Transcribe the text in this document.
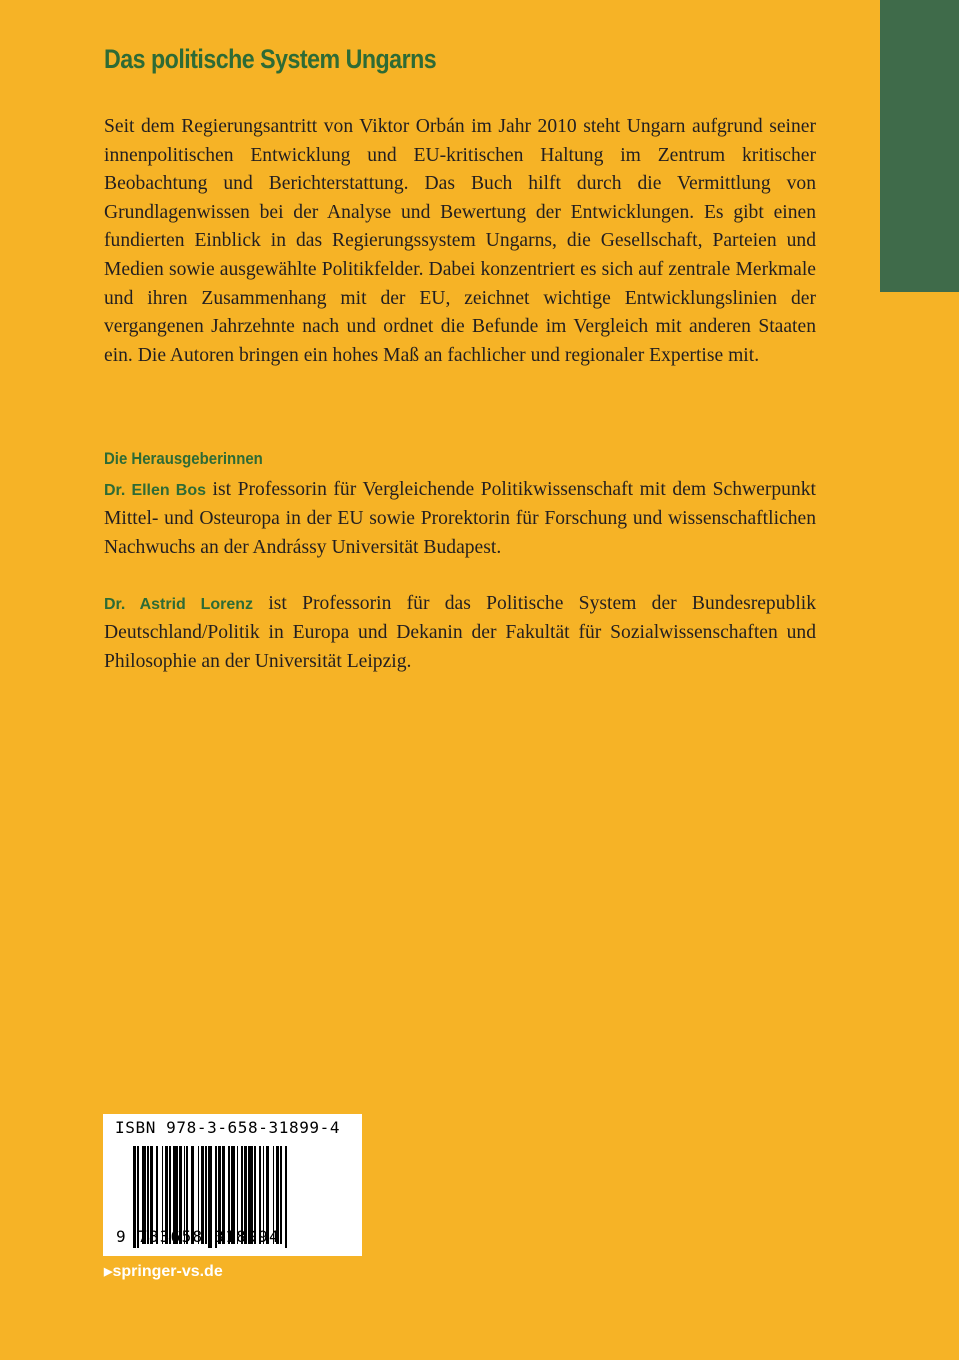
Das politische System Ungarns

Seit dem Regierungsantritt von Viktor Orbán im Jahr 2010 steht Ungarn aufgrund seiner innenpolitischen Entwicklung und EU-kritischen Haltung im Zentrum kritischer Beobachtung und Berichterstattung. Das Buch hilft durch die Vermittlung von Grundlagenwissen bei der Analyse und Bewertung der Entwicklungen. Es gibt einen fundierten Einblick in das Regierungssystem Ungarns, die Gesellschaft, Parteien und Medien sowie ausgewählte Politikfelder. Dabei konzentriert es sich auf zentrale Merkmale und ihren Zusammenhang mit der EU, zeichnet wichtige Entwicklungslinien der vergangenen Jahrzehnte nach und ordnet die Befunde im Vergleich mit anderen Staaten ein. Die Autoren bringen ein hohes Maß an fachlicher und regionaler Expertise mit.

Die Herausgeberinnen

Dr. Ellen Bos ist Professorin für Vergleichende Politikwissenschaft mit dem Schwerpunkt Mittel- und Osteuropa in der EU sowie Prorektorin für Forschung und wissenschaftlichen Nachwuchs an der Andrássy Universität Budapest.

Dr. Astrid Lorenz ist Professorin für das Politische System der Bundesrepublik Deutschland/Politik in Europa und Dekanin der Fakultät für Sozialwissenschaften und Philosophie an der Universität Leipzig.

ISBN 978-3-658-31899-4

9 783658 318994

▶springer-vs.de
